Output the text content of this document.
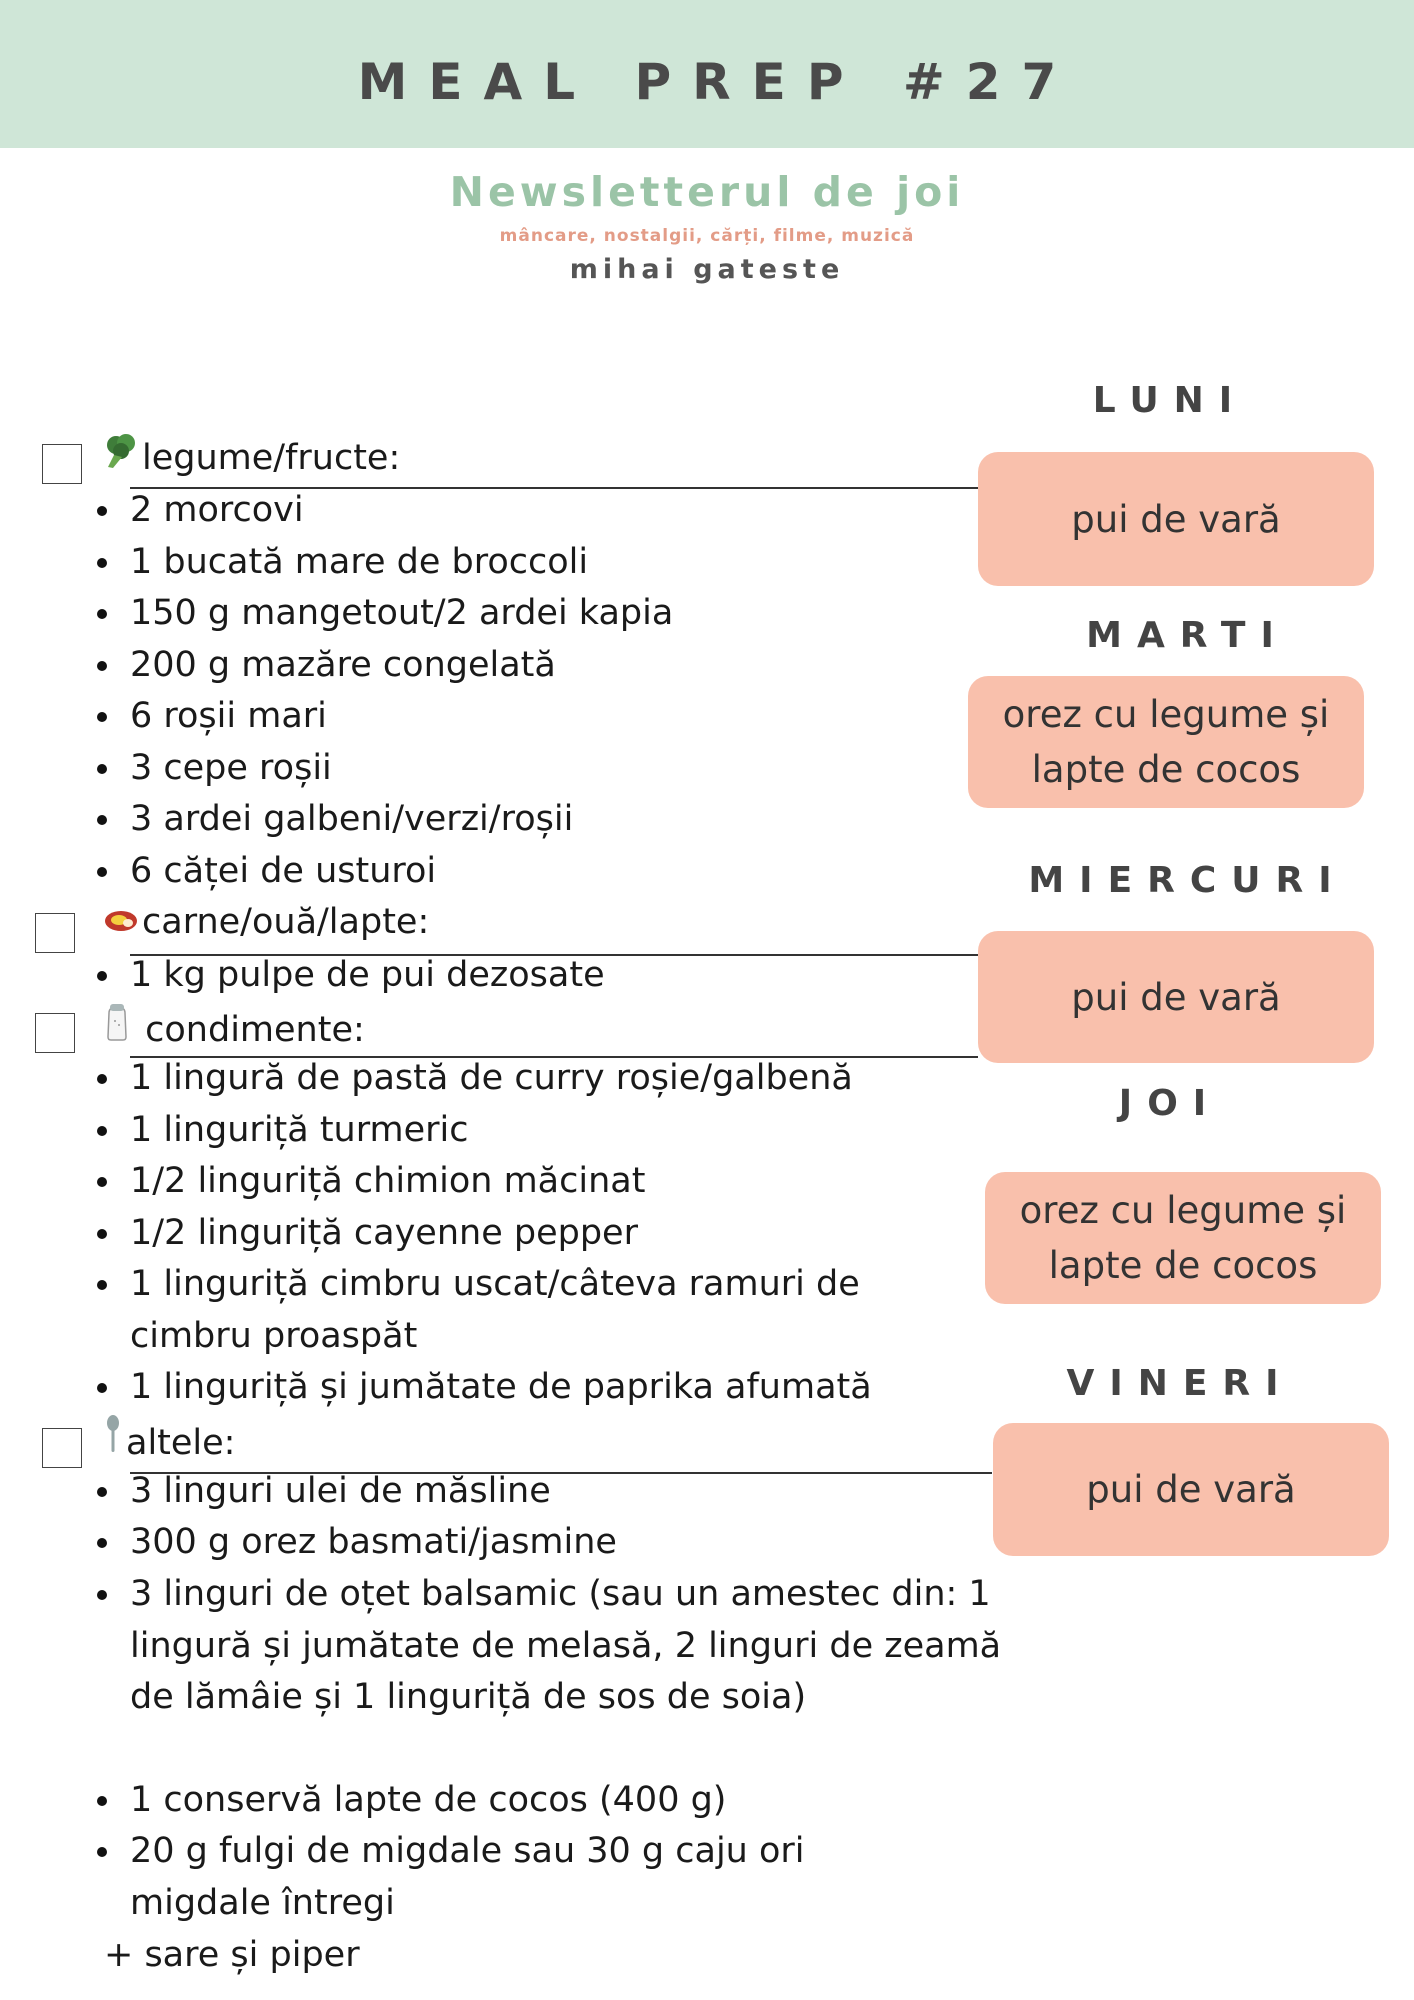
MEAL PREP #27
Newsletterul de joi
mâncare, nostalgii, cărți, filme, muzică
mihai gateste
legume/fructe:
2 morcovi
1 bucată mare de broccoli
150 g mangetout/2 ardei kapia
200 g mazăre congelată
6 roșii mari
3 cepe roșii
3 ardei galbeni/verzi/roșii
6 căței de usturoi
carne/ouă/lapte:
1 kg pulpe de pui dezosate
condimente:
1 lingură de pastă de curry roșie/galbenă
1 linguriță turmeric
1/2 linguriță chimion măcinat
1/2 linguriță cayenne pepper
1 linguriță cimbru uscat/câteva ramuri de cimbru proaspăt
1 linguriță și jumătate de paprika afumată
altele:
3 linguri ulei de măsline
300 g orez basmati/jasmine
3 linguri de oțet balsamic (sau un amestec din: 1 lingură și jumătate de melasă, 2 linguri de zeamă de lămâie și 1 linguriță de sos de soia)
1 conservă lapte de cocos (400 g)
20 g fulgi de migdale sau 30 g caju ori migdale întregi
+ sare și piper
LUNI
pui de vară
MARTI
orez cu legume și lapte de cocos
MIERCURI
pui de vară
JOI
orez cu legume și lapte de cocos
VINERI
pui de vară
